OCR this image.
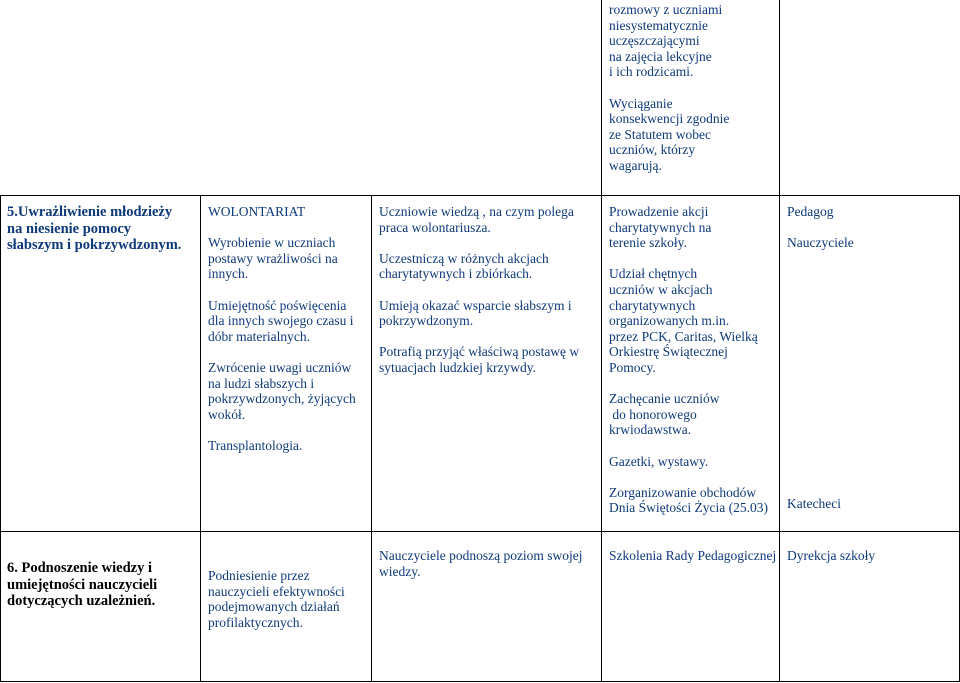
rozmowy z uczniami

niesystematycznie

uczęszczającymi

na zajęcia lekcyjne

i ich rodzicami.

Wyciąganie

konsekwencji zgodnie

ze Statutem wobec

uczniów, którzy

wagarują.

5.Uwrażliwienie młodzieży

na niesienie pomocy

słabszym i pokrzywdzonym.

WOLONTARIAT

Wyrobienie w uczniach

postawy wrażliwości na

innych.

Umiejętność poświęcenia

dla innych swojego czasu i

dóbr materialnych.

Zwrócenie uwagi uczniów

na ludzi słabszych i

pokrzywdzonych, żyjących

wokół.

Transplantologia.

Uczniowie wiedzą , na czym polega

praca wolontariusza.

Uczestniczą w różnych akcjach

charytatywnych i zbiórkach.

Umieją okazać wsparcie słabszym i

pokrzywdzonym.

Potrafią przyjąć właściwą postawę w

sytuacjach ludzkiej krzywdy.

Prowadzenie akcji

charytatywnych na

terenie szkoły.

Udział chętnych

uczniów w akcjach

charytatywnych

organizowanych m.in.

przez PCK, Caritas, Wielką

Orkiestrę Świątecznej

Pomocy.

Zachęcanie uczniów

do honorowego

krwiodawstwa.

Gazetki, wystawy.

Zorganizowanie obchodów

Dnia Świętości Życia (25.03)

Pedagog

Nauczyciele

Katecheci

6. Podnoszenie wiedzy i

umiejętności nauczycieli

dotyczących uzależnień.

Podniesienie przez

nauczycieli efektywności

podejmowanych działań

profilaktycznych.

Nauczyciele podnoszą poziom swojej

wiedzy.

Szkolenia Rady Pedagogicznej Dyrekcja szkoły
